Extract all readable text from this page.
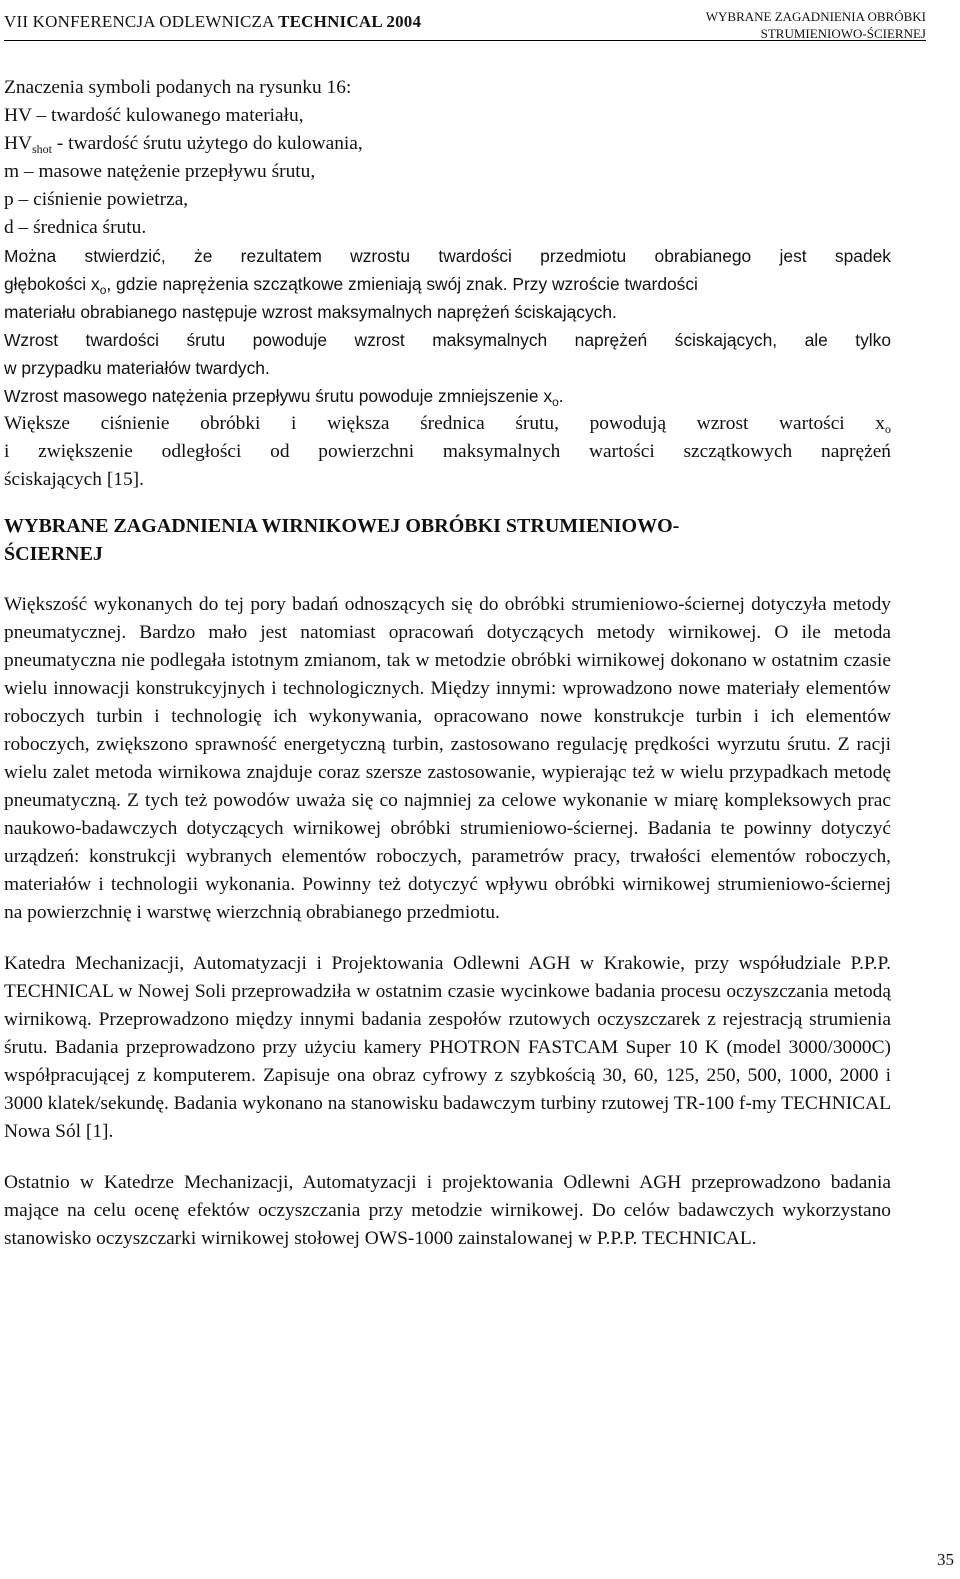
VII KONFERENCJA ODLEWNICZA TECHNICAL 2004	WYBRANE ZAGADNIENIA OBRÓBKI
STRUMIENIOWO-ŚCIERNEJ
Znaczenia symboli podanych na rysunku 16:
HV – twardość kulowanego materiału,
$HV_{shot}$ - twardość śrutu użytego do kulowania,
m – masowe natężenie przepływu śrutu,
p – ciśnienie powietrza,
d – średnica śrutu.
Można stwierdzić, że rezultatem wzrostu twardości przedmiotu obrabianego jest spadek
głębokości $x_o$, gdzie naprężenia szczątkowe zmieniają swój znak. Przy wzroście twardości
materiału obrabianego następuje wzrost maksymalnych naprężeń ściskających.
Wzrost twardości śrutu powoduje wzrost maksymalnych naprężeń ściskających, ale tylko
w przypadku materiałów twardych.
Wzrost masowego natężenia przepływu śrutu powoduje zmniejszenie $x_o$.
Większe ciśnienie obróbki i większa średnica śrutu, powodują wzrost wartości $x_o$
i zwiększenie odległości od powierzchni maksymalnych wartości szczątkowych naprężeń
ściskających [15].
WYBRANE ZAGADNIENIA WIRNIKOWEJ OBRÓBKI STRUMIENIOWO-
ŚCIERNEJ
Większość wykonanych do tej pory badań odnoszących się do obróbki strumieniowo-ściernej dotyczyła metody pneumatycznej. Bardzo mało jest natomiast opracowań dotyczących metody wirnikowej. O ile metoda pneumatyczna nie podlegała istotnym zmianom, tak w metodzie obróbki wirnikowej dokonano w ostatnim czasie wielu innowacji konstrukcyjnych i technologicznych. Między innymi: wprowadzono nowe materiały elementów roboczych turbin i technologię ich wykonywania, opracowano nowe konstrukcje turbin i ich elementów roboczych, zwiększono sprawność energetyczną turbin, zastosowano regulację prędkości wyrzutu śrutu. Z racji wielu zalet metoda wirnikowa znajduje coraz szersze zastosowanie, wypierając też w wielu przypadkach metodę pneumatyczną. Z tych też powodów uważa się co najmniej za celowe wykonanie w miarę kompleksowych prac naukowo-badawczych dotyczących wirnikowej obróbki strumieniowo-ściernej. Badania te powinny dotyczyć urządzeń: konstrukcji wybranych elementów roboczych, parametrów pracy, trwałości elementów roboczych, materiałów i technologii wykonania. Powinny też dotyczyć wpływu obróbki wirnikowej strumieniowo-ściernej na powierzchnię i warstwę wierzchnią obrabianego przedmiotu.
Katedra Mechanizacji, Automatyzacji i Projektowania Odlewni AGH w Krakowie, przy współudziale P.P.P. TECHNICAL w Nowej Soli przeprowadziła w ostatnim czasie wycinkowe badania procesu oczyszczania metodą wirnikową. Przeprowadzono między innymi badania zespołów rzutowych oczyszczarek z rejestracją strumienia śrutu. Badania przeprowadzono przy użyciu kamery PHOTRON FASTCAM Super 10 K (model 3000/3000C) współpracującej z komputerem. Zapisuje ona obraz cyfrowy z szybkością 30, 60, 125, 250, 500, 1000, 2000 i 3000 klatek/sekundę. Badania wykonano na stanowisku badawczym turbiny rzutowej TR-100 f-my TECHNICAL Nowa Sól [1].
Ostatnio w Katedrze Mechanizacji, Automatyzacji i projektowania Odlewni AGH przeprowadzono badania mające na celu ocenę efektów oczyszczania przy metodzie wirnikowej. Do celów badawczych wykorzystano stanowisko oczyszczarki wirnikowej stołowej OWS-1000 zainstalowanej w P.P.P. TECHNICAL.
35
